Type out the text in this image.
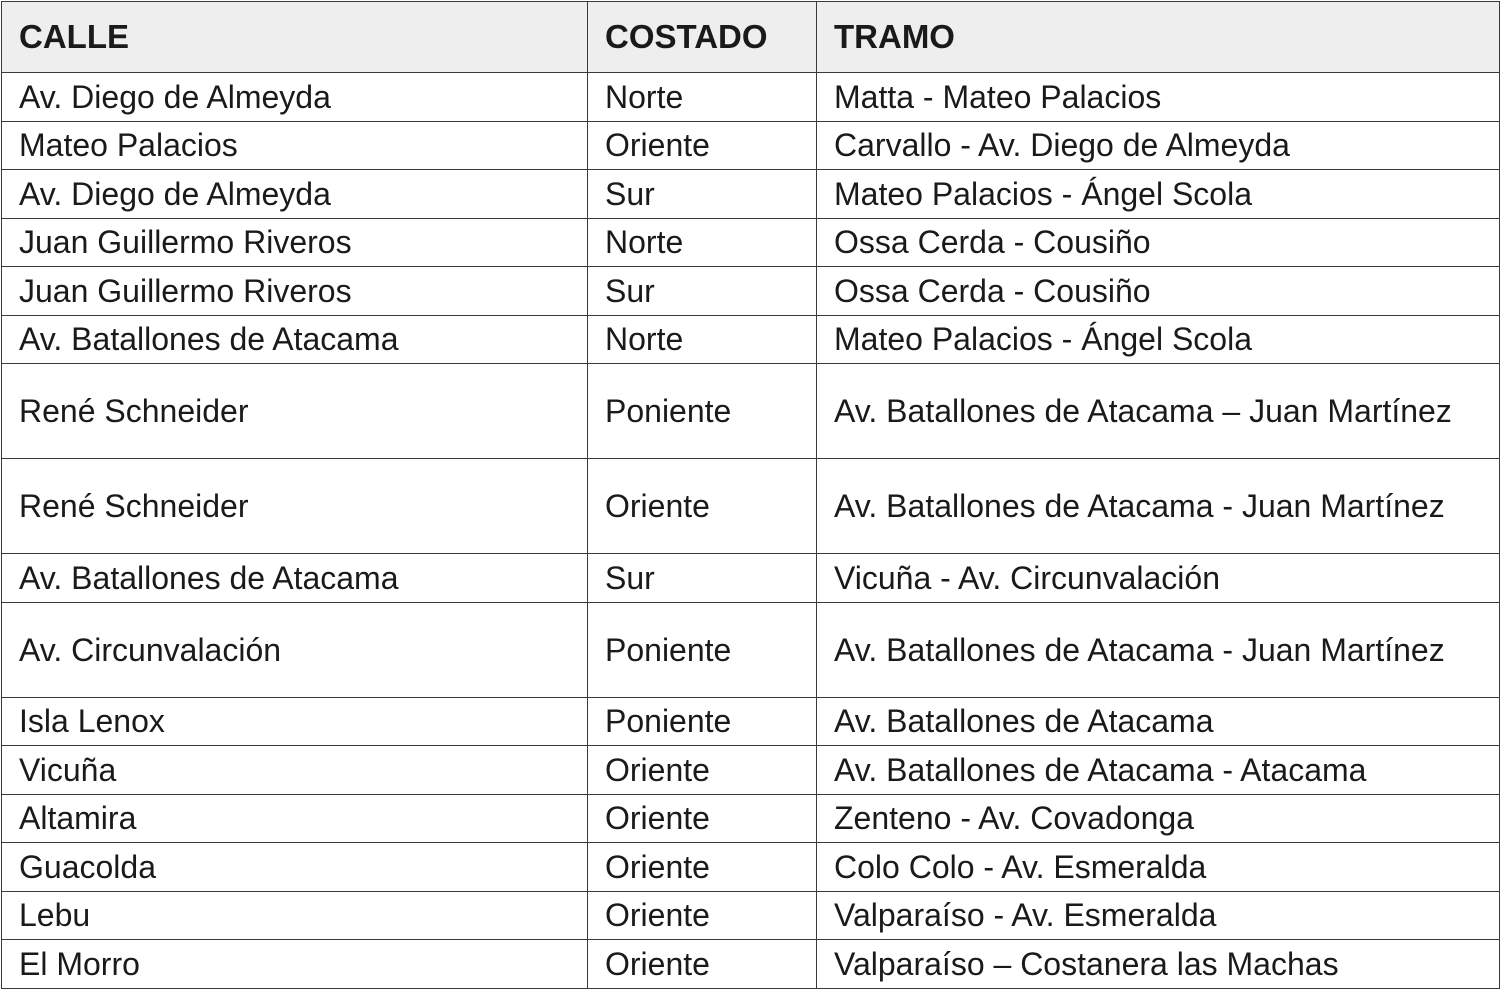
CALLE	COSTADO	TRAMO
Av. Diego de Almeyda	Norte	Matta - Mateo Palacios
Mateo Palacios	Oriente	Carvallo - Av. Diego de Almeyda
Av. Diego de Almeyda	Sur	Mateo Palacios - Ángel Scola
Juan Guillermo Riveros	Norte	Ossa Cerda - Cousiño
Juan Guillermo Riveros	Sur	Ossa Cerda - Cousiño
Av. Batallones de Atacama	Norte	Mateo Palacios - Ángel Scola
René Schneider	Poniente	Av. Batallones de Atacama – Juan Martínez
René Schneider	Oriente	Av. Batallones de Atacama - Juan Martínez
Av. Batallones de Atacama	Sur	Vicuña - Av. Circunvalación
Av. Circunvalación	Poniente	Av. Batallones de Atacama - Juan Martínez
Isla Lenox	Poniente	Av. Batallones de Atacama
Vicuña	Oriente	Av. Batallones de Atacama - Atacama
Altamira	Oriente	Zenteno - Av. Covadonga
Guacolda	Oriente	Colo Colo - Av. Esmeralda
Lebu	Oriente	Valparaíso - Av. Esmeralda
El Morro	Oriente	Valparaíso – Costanera las Machas
